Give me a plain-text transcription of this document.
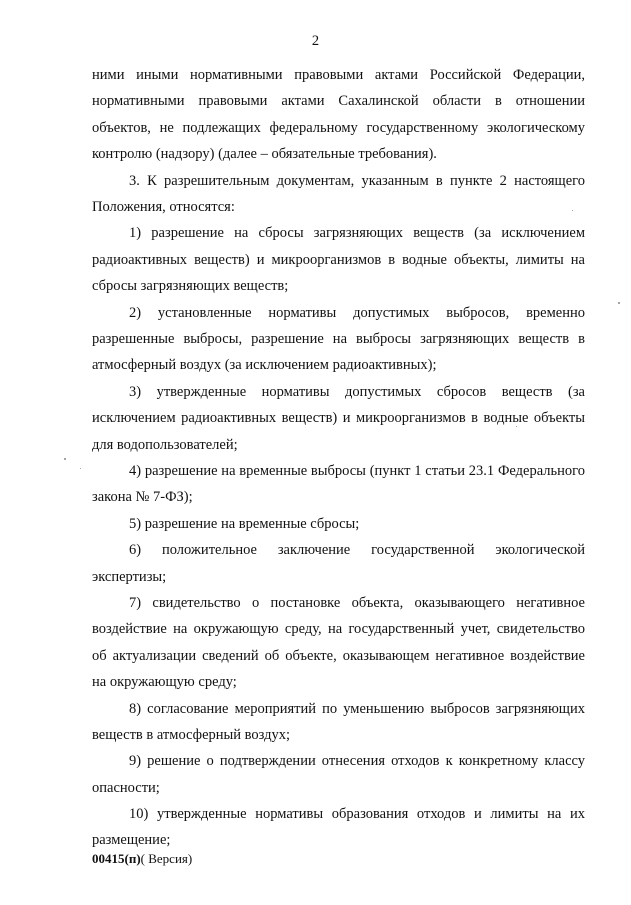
2
ними иными нормативными правовыми актами Российской Федерации,
нормативными правовыми актами Сахалинской области в отношении
объектов, не подлежащих федеральному государственному экологическому
контролю (надзору) (далее – обязательные требования).
3. К разрешительным документам, указанным в пункте 2 настоящего
Положения, относятся:
1) разрешение на сбросы загрязняющих веществ (за исключением
радиоактивных веществ) и микроорганизмов в водные объекты, лимиты на
сбросы загрязняющих веществ;
2) установленные нормативы допустимых выбросов, временно
разрешенные выбросы, разрешение на выбросы загрязняющих веществ в
атмосферный воздух (за исключением радиоактивных);
3) утвержденные нормативы допустимых сбросов веществ (за
исключением радиоактивных веществ) и микроорганизмов в водные объекты
для водопользователей;
4) разрешение на временные выбросы (пункт 1 статьи 23.1 Федерального
закона № 7-ФЗ);
5) разрешение на временные сбросы;
6) положительное заключение государственной экологической
экспертизы;
7) свидетельство о постановке объекта, оказывающего негативное
воздействие на окружающую среду, на государственный учет, свидетельство
об актуализации сведений об объекте, оказывающем негативное воздействие
на окружающую среду;
8) согласование мероприятий по уменьшению выбросов загрязняющих
веществ в атмосферный воздух;
9) решение о подтверждении отнесения отходов к конкретному классу
опасности;
10) утвержденные нормативы образования отходов и лимиты на их
размещение;
00415(п)( Версия)
